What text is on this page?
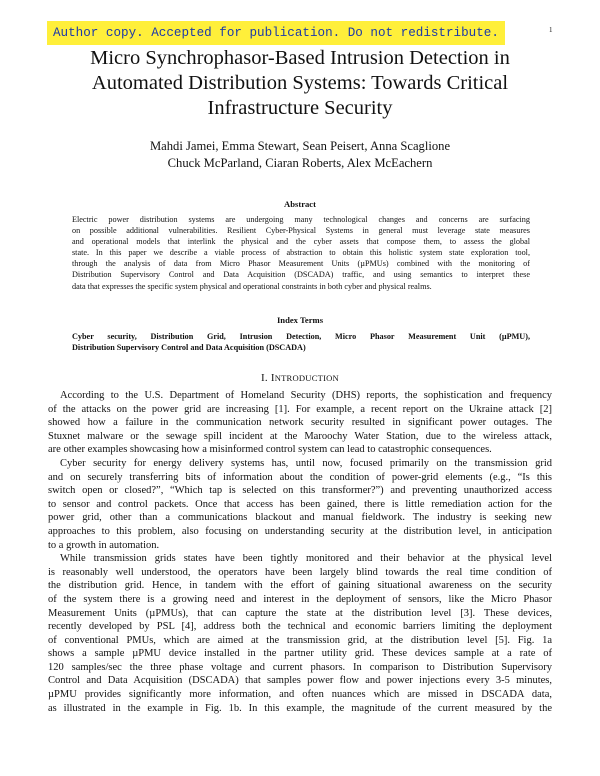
Author copy. Accepted for publication. Do not redistribute.	1
Micro Synchrophasor-Based Intrusion Detection in
Automated Distribution Systems: Towards Critical
Infrastructure Security
Mahdi Jamei, Emma Stewart, Sean Peisert, Anna Scaglione
Chuck McParland, Ciaran Roberts, Alex McEachern
Abstract
Electric power distribution systems are undergoing many technological changes and concerns are surfacing
on possible additional vulnerabilities. Resilient Cyber-Physical Systems in general must leverage state measures
and operational models that interlink the physical and the cyber assets that compose them, to assess the global
state. In this paper we describe a viable process of abstraction to obtain this holistic system state exploration tool,
through the analysis of data from Micro Phasor Measurement Units (µPMUs) combined with the monitoring of
Distribution Supervisory Control and Data Acquisition (DSCADA) traffic, and using semantics to interpret these
data that expresses the specific system physical and operational constraints in both cyber and physical realms.
Index Terms
Cyber security, Distribution Grid, Intrusion Detection, Micro Phasor Measurement Unit (µPMU),
Distribution Supervisory Control and Data Acquisition (DSCADA)
I. INTRODUCTION
According to the U.S. Department of Homeland Security (DHS) reports, the sophistication and frequency
of the attacks on the power grid are increasing [1]. For example, a recent report on the Ukraine attack [2]
showed how a failure in the communication network security resulted in significant power outages. The
Stuxnet malware or the sewage spill incident at the Maroochy Water Station, due to the wireless attack,
are other examples showcasing how a misinformed control system can lead to catastrophic consequences.
Cyber security for energy delivery systems has, until now, focused primarily on the transmission grid
and on securely transferring bits of information about the condition of power-grid elements (e.g., “Is this
switch open or closed?”, “Which tap is selected on this transformer?”) and preventing unauthorized access
to sensor and control packets. Once that access has been gained, there is little remediation action for the
power grid, other than a communications blackout and manual fieldwork. The industry is seeking new
approaches to this problem, also focusing on understanding security at the distribution level, in anticipation
to a growth in automation.
While transmission grids states have been tightly monitored and their behavior at the physical level
is reasonably well understood, the operators have been largely blind towards the real time condition of
the distribution grid. Hence, in tandem with the effort of gaining situational awareness on the security
of the system there is a growing need and interest in the deployment of sensors, like the Micro Phasor
Measurement Units (µPMUs), that can capture the state at the distribution level [3]. These devices,
recently developed by PSL [4], address both the technical and economic barriers limiting the deployment
of conventional PMUs, which are aimed at the transmission grid, at the distribution level [5]. Fig. 1a
shows a sample µPMU device installed in the partner utility grid. These devices sample at a rate of
120 samples/sec the three phase voltage and current phasors. In comparison to Distribution Supervisory
Control and Data Acquisition (DSCADA) that samples power flow and power injections every 3-5 minutes,
µPMU provides significantly more information, and often nuances which are missed in DSCADA data,
as illustrated in the example in Fig. 1b. In this example, the magnitude of the current measured by the
